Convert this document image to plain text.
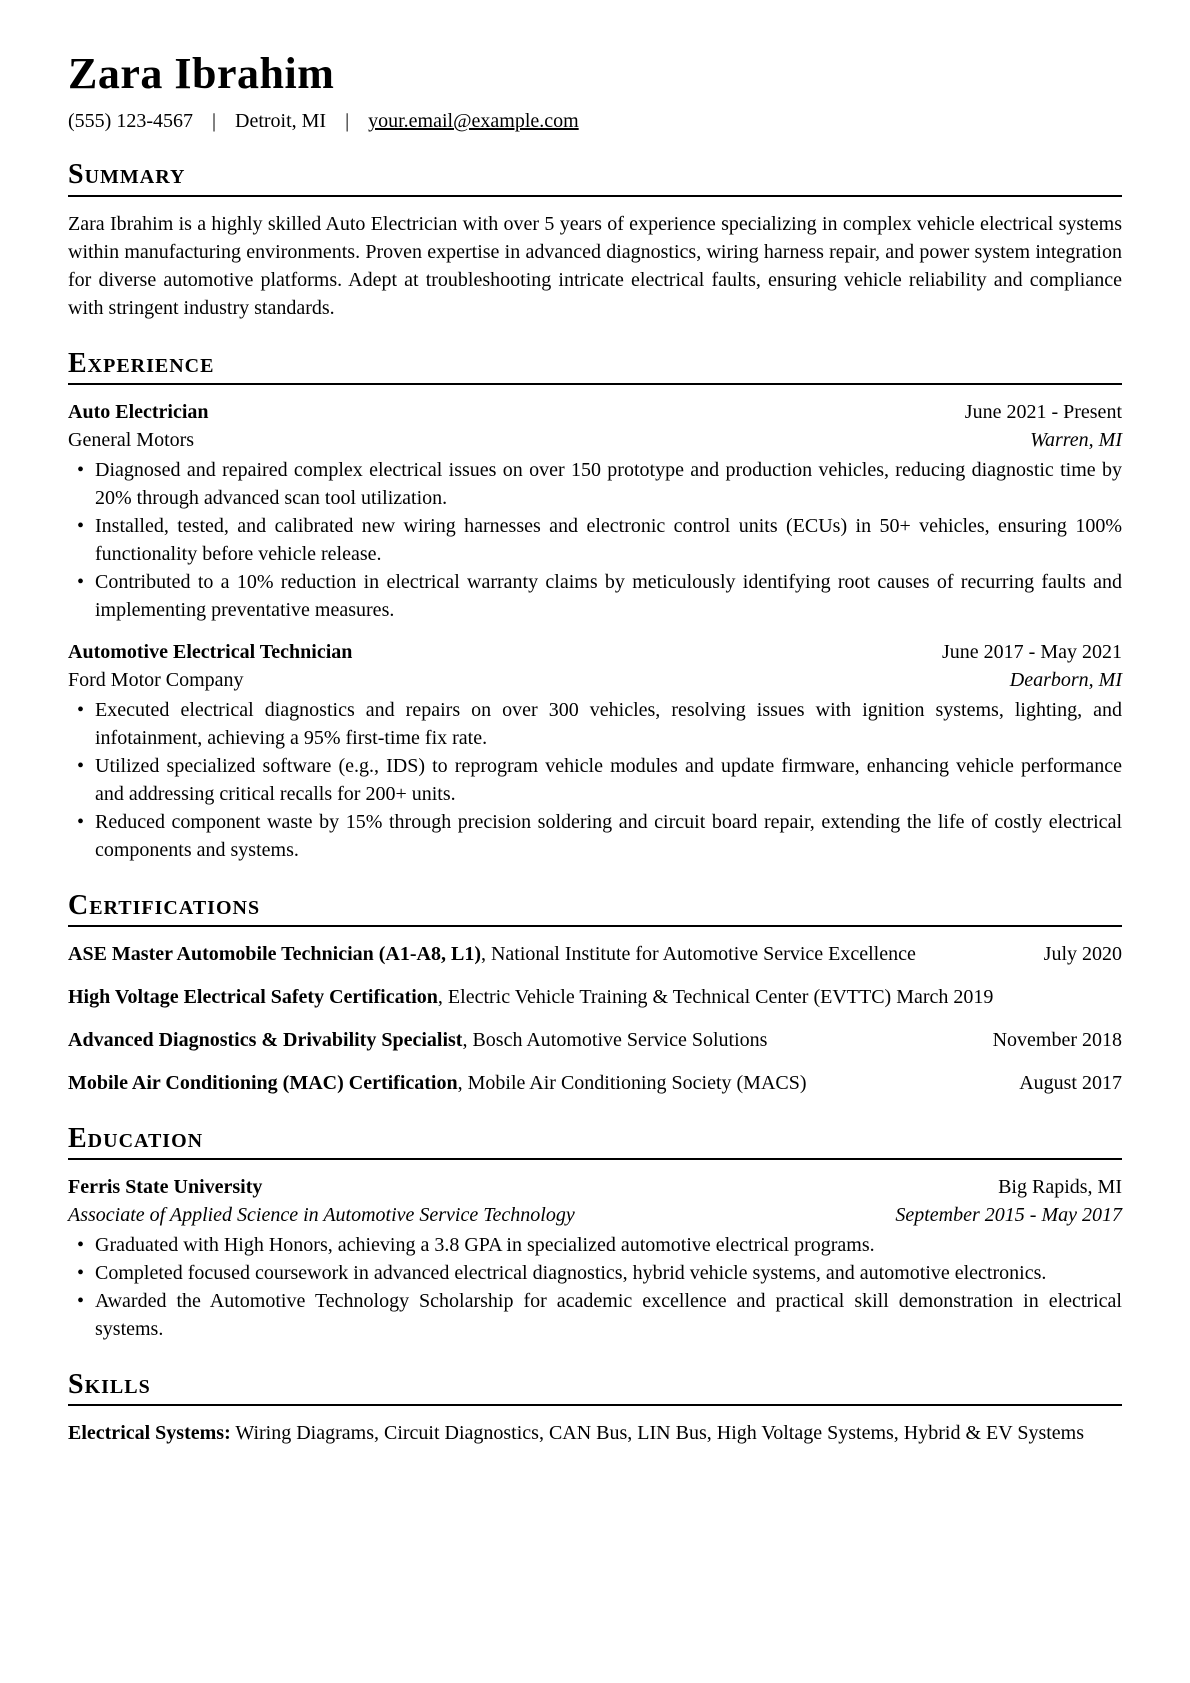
Zara Ibrahim
(555) 123-4567 | Detroit, MI | your.email@example.com
Summary

Zara Ibrahim is a highly skilled Auto Electrician with over 5 years of experience specializing in complex vehicle electrical systems within manufacturing environments. Proven expertise in advanced diagnostics, wiring harness repair, and power system integration for diverse automotive platforms. Adept at troubleshooting intricate electrical faults, ensuring vehicle reliability and compliance with stringent industry standards.

Experience
Auto Electrician	June 2021 - Present
General Motors	Warren, MI
• Diagnosed and repaired complex electrical issues on over 150 prototype and production vehicles, reducing diagnostic time by 20% through advanced scan tool utilization.
• Installed, tested, and calibrated new wiring harnesses and electronic control units (ECUs) in 50+ vehicles, ensuring 100% functionality before vehicle release.
• Contributed to a 10% reduction in electrical warranty claims by meticulously identifying root causes of recurring faults and implementing preventative measures.
Automotive Electrical Technician	June 2017 - May 2021
Ford Motor Company	Dearborn, MI
• Executed electrical diagnostics and repairs on over 300 vehicles, resolving issues with ignition systems, lighting, and infotainment, achieving a 95% first-time fix rate.
• Utilized specialized software (e.g., IDS) to reprogram vehicle modules and update firmware, enhancing vehicle performance and addressing critical recalls for 200+ units.
• Reduced component waste by 15% through precision soldering and circuit board repair, extending the life of costly electrical components and systems.
Certifications

ASE Master Automobile Technician (A1-A8, L1), National Institute for Automotive Service Excellence	July 2020

High Voltage Electrical Safety Certification, Electric Vehicle Training & Technical Center (EVTTC) March 2019

Advanced Diagnostics & Drivability Specialist, Bosch Automotive Service Solutions	November 2018

Mobile Air Conditioning (MAC) Certification, Mobile Air Conditioning Society (MACS)	August 2017

Education
Ferris State University	Big Rapids, MI
Associate of Applied Science in Automotive Service Technology	September 2015 - May 2017
• Graduated with High Honors, achieving a 3.8 GPA in specialized automotive electrical programs.
• Completed focused coursework in advanced electrical diagnostics, hybrid vehicle systems, and automotive electronics.
• Awarded the Automotive Technology Scholarship for academic excellence and practical skill demonstration in electrical systems.
Skills

Electrical Systems: Wiring Diagrams, Circuit Diagnostics, CAN Bus, LIN Bus, High Voltage Systems, Hybrid & EV Systems
